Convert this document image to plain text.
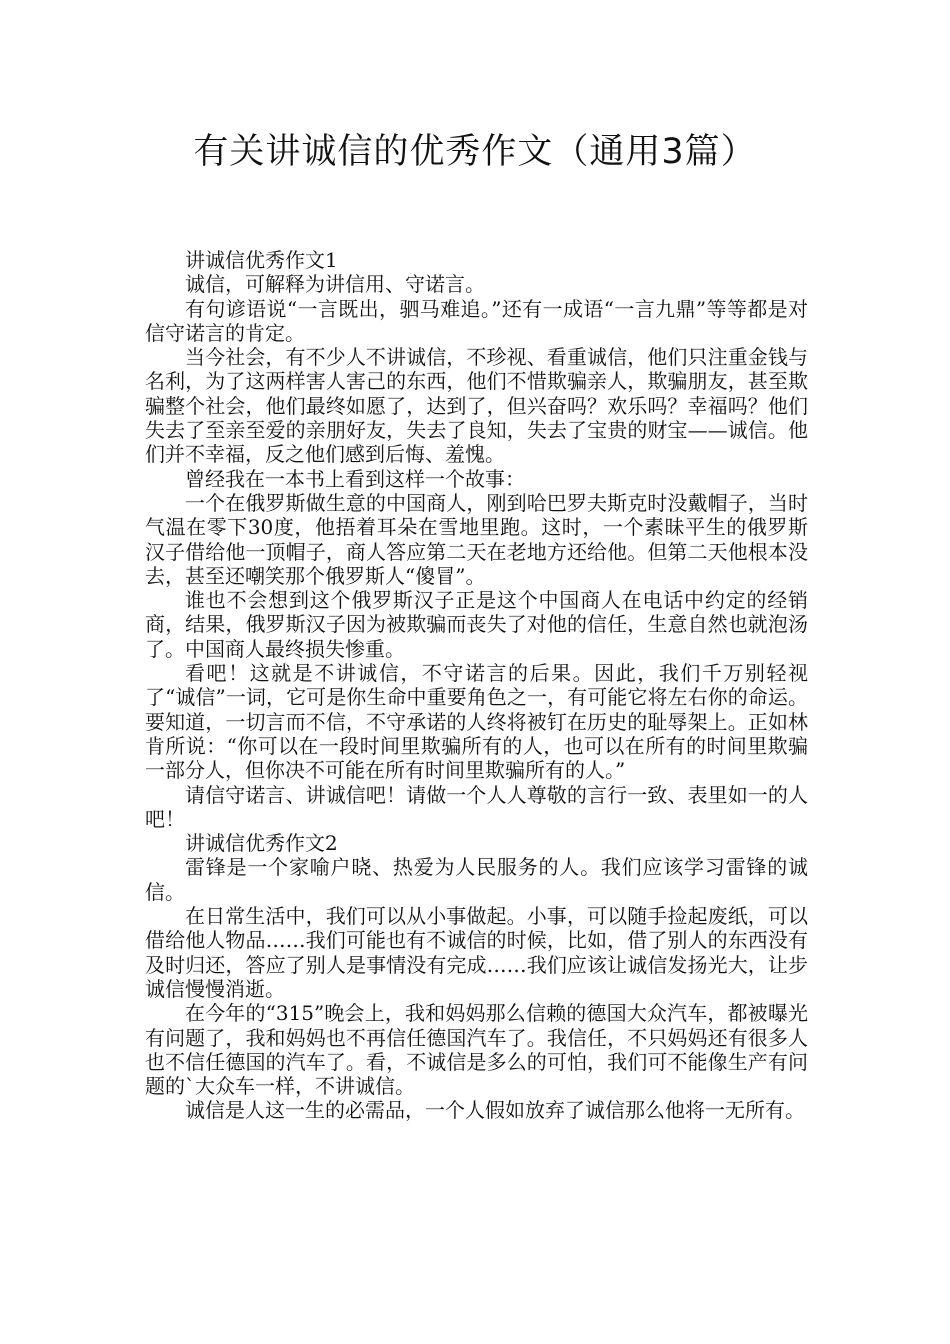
有关讲诚信的优秀作文（通用3篇）

讲诚信优秀作文1

诚信，可解释为讲信用、守诺言。

有句谚语说“一言既出，驷马难追。”还有一成语“一言九鼎”等等都是对信守诺言的肯定。

当今社会，有不少人不讲诚信，不珍视、看重诚信，他们只注重金钱与名利，为了这两样害人害己的东西，他们不惜欺骗亲人，欺骗朋友，甚至欺骗整个社会，他们最终如愿了，达到了，但兴奋吗？欢乐吗？幸福吗？他们失去了至亲至爱的亲朋好友，失去了良知，失去了宝贵的财宝——诚信。他们并不幸福，反之他们感到后悔、羞愧。

曾经我在一本书上看到这样一个故事：

一个在俄罗斯做生意的中国商人，刚到哈巴罗夫斯克时没戴帽子，当时气温在零下30度，他捂着耳朵在雪地里跑。这时，一个素昧平生的俄罗斯汉子借给他一顶帽子，商人答应第二天在老地方还给他。但第二天他根本没去，甚至还嘲笑那个俄罗斯人“傻冒”。

谁也不会想到这个俄罗斯汉子正是这个中国商人在电话中约定的经销商，结果，俄罗斯汉子因为被欺骗而丧失了对他的信任，生意自然也就泡汤了。中国商人最终损失惨重。

看吧！这就是不讲诚信，不守诺言的后果。因此，我们千万别轻视了“诚信”一词，它可是你生命中重要角色之一，有可能它将左右你的命运。要知道，一切言而不信，不守承诺的人终将被钉在历史的耻辱架上。正如林肯所说：“你可以在一段时间里欺骗所有的人，也可以在所有的时间里欺骗一部分人，但你决不可能在所有时间里欺骗所有的人。”

请信守诺言、讲诚信吧！请做一个人人尊敬的言行一致、表里如一的人吧！

讲诚信优秀作文2

雷锋是一个家喻户晓、热爱为人民服务的人。我们应该学习雷锋的诚信。

在日常生活中，我们可以从小事做起。小事，可以随手捡起废纸，可以借给他人物品……我们可能也有不诚信的时候，比如，借了别人的东西没有及时归还，答应了别人是事情没有完成……我们应该让诚信发扬光大，让步诚信慢慢消逝。

在今年的“315”晚会上，我和妈妈那么信赖的德国大众汽车，都被曝光有问题了，我和妈妈也不再信任德国汽车了。我信任，不只妈妈还有很多人也不信任德国的汽车了。看，不诚信是多么的可怕，我们可不能像生产有问题的`大众车一样，不讲诚信。

诚信是人这一生的必需品，一个人假如放弃了诚信那么他将一无所有。
